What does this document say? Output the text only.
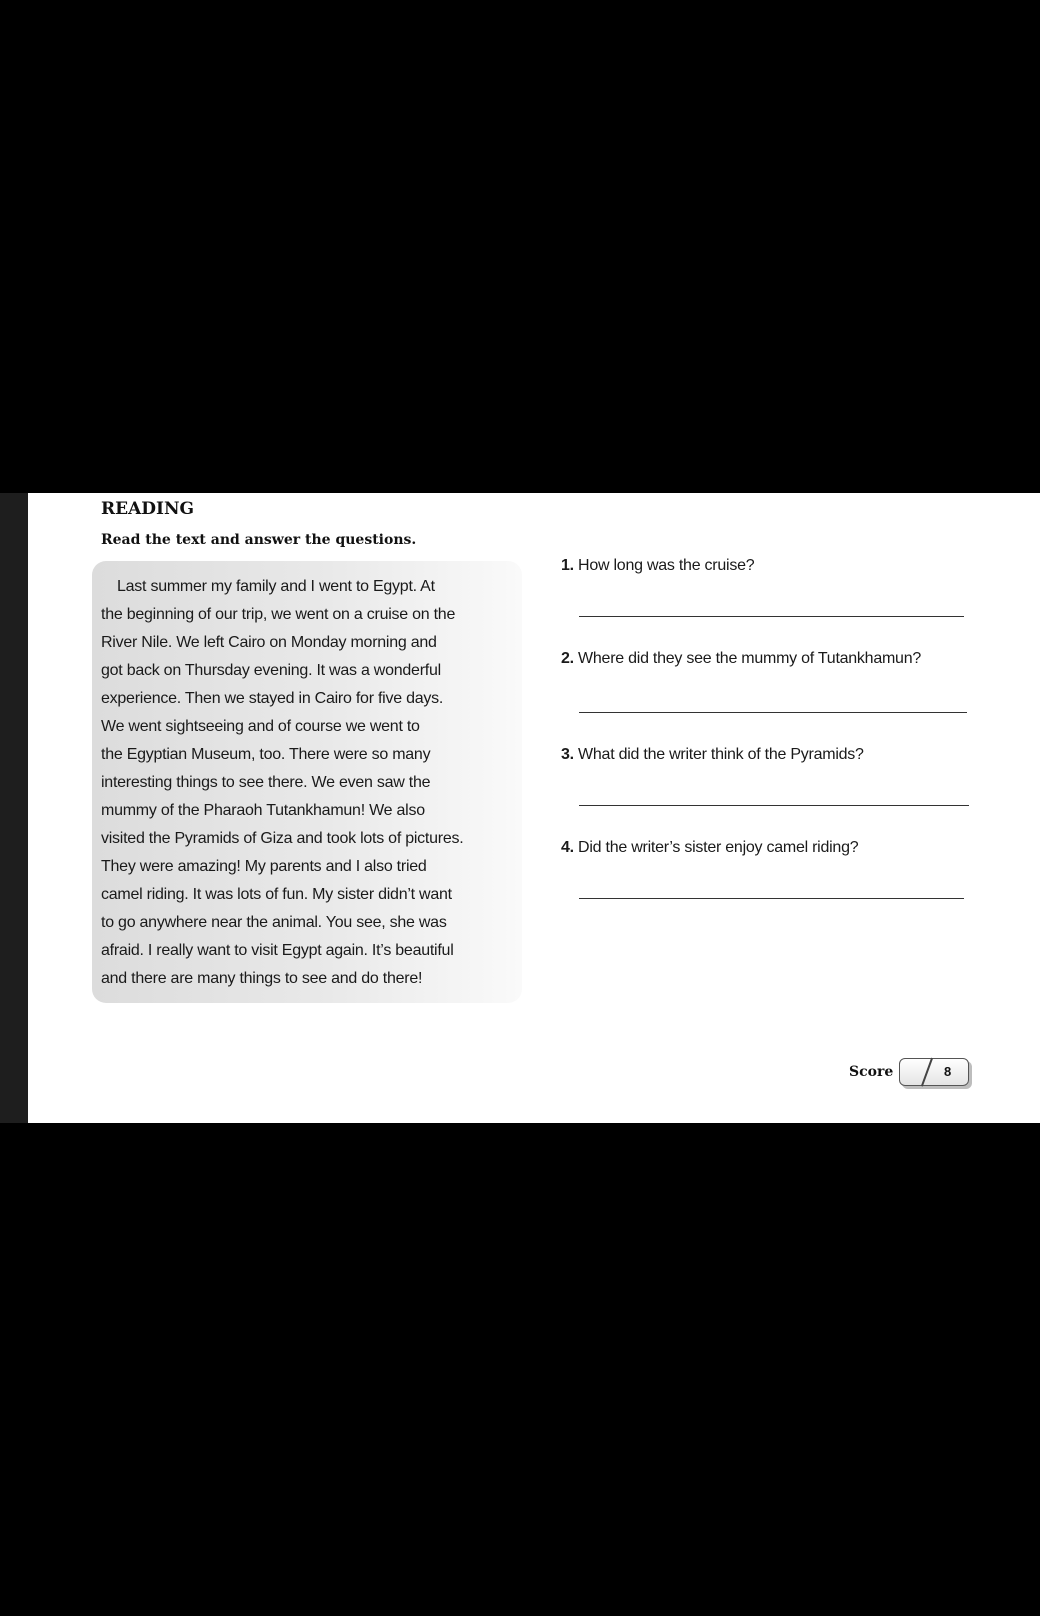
READING

Read the text and answer the questions.

Last summer my family and I went to Egypt. At
the beginning of our trip, we went on a cruise on the
River Nile. We left Cairo on Monday morning and
got back on Thursday evening. It was a wonderful
experience. Then we stayed in Cairo for five days.
We went sightseeing and of course we went to
the Egyptian Museum, too. There were so many
interesting things to see there. We even saw the
mummy of the Pharaoh Tutankhamun! We also
visited the Pyramids of Giza and took lots of pictures.
They were amazing! My parents and I also tried
camel riding. It was lots of fun. My sister didn’t want
to go anywhere near the animal. You see, she was
afraid. I really want to visit Egypt again. It’s beautiful
and there are many things to see and do there!

1. How long was the cruise?

2. Where did they see the mummy of Tutankhamun?

3. What did the writer think of the Pyramids?

4. Did the writer’s sister enjoy camel riding?

Score	8
